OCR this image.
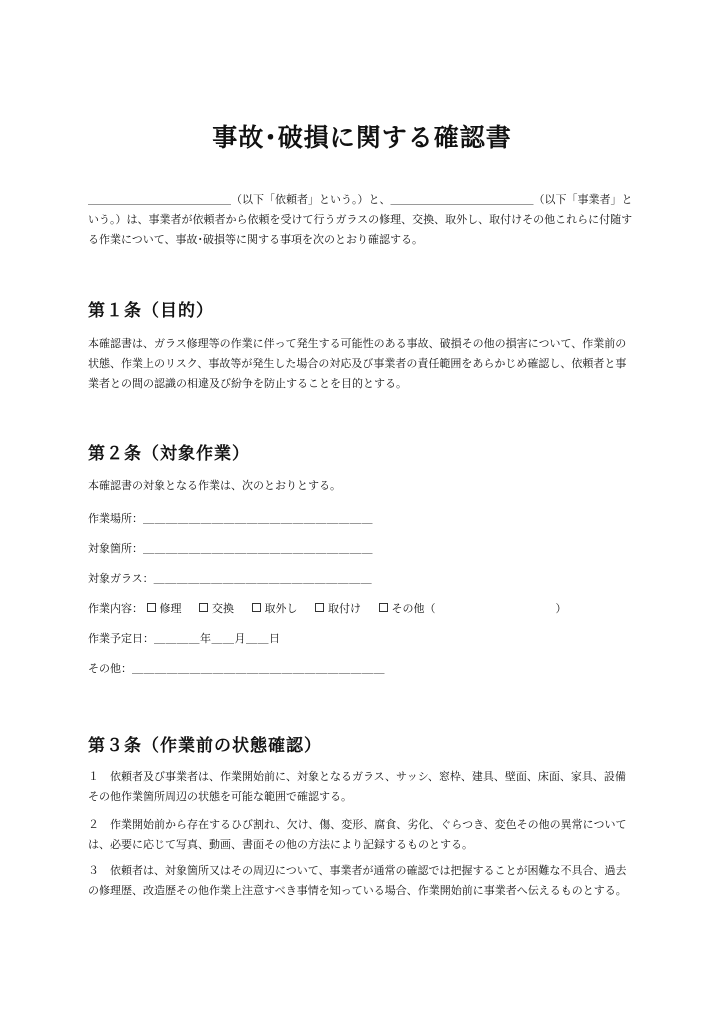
事故･破損に関する確認書

＿＿＿＿＿＿＿＿＿＿＿＿＿（以下「依頼者」という。）と、＿＿＿＿＿＿＿＿＿＿＿＿＿（以下「事業者」という。）は、事業者が依頼者から依頼を受けて行うガラスの修理、交換、取外し、取付けその他これらに付随する作業について、事故･破損等に関する事項を次のとおり確認する。

第１条（目的）

本確認書は、ガラス修理等の作業に伴って発生する可能性のある事故、破損その他の損害について、作業前の状態、作業上のリスク、事故等が発生した場合の対応及び事業者の責任範囲をあらかじめ確認し、依頼者と事業者との間の認識の相違及び紛争を防止することを目的とする。

第２条（対象作業）

本確認書の対象となる作業は、次のとおりとする。

作業場所：＿＿＿＿＿＿＿＿＿＿＿＿＿＿＿＿＿＿＿＿
対象箇所：＿＿＿＿＿＿＿＿＿＿＿＿＿＿＿＿＿＿＿＿
対象ガラス：＿＿＿＿＿＿＿＿＿＿＿＿＿＿＿＿＿＿＿
作業内容： 修理	交換	取外し	取付け	その他（	）
作業予定日：＿＿＿＿年＿＿月＿＿日
その他：＿＿＿＿＿＿＿＿＿＿＿＿＿＿＿＿＿＿＿＿＿＿
第３条（作業前の状態確認）

１　依頼者及び事業者は、作業開始前に、対象となるガラス、サッシ、窓枠、建具、壁面、床面、家具、設備その他作業箇所周辺の状態を可能な範囲で確認する。

２　作業開始前から存在するひび割れ、欠け、傷、変形、腐食、劣化、ぐらつき、変色その他の異常については、必要に応じて写真、動画、書面その他の方法により記録するものとする。

３　依頼者は、対象箇所又はその周辺について、事業者が通常の確認では把握することが困難な不具合、過去の修理歴、改造歴その他作業上注意すべき事情を知っている場合、作業開始前に事業者へ伝えるものとする。
